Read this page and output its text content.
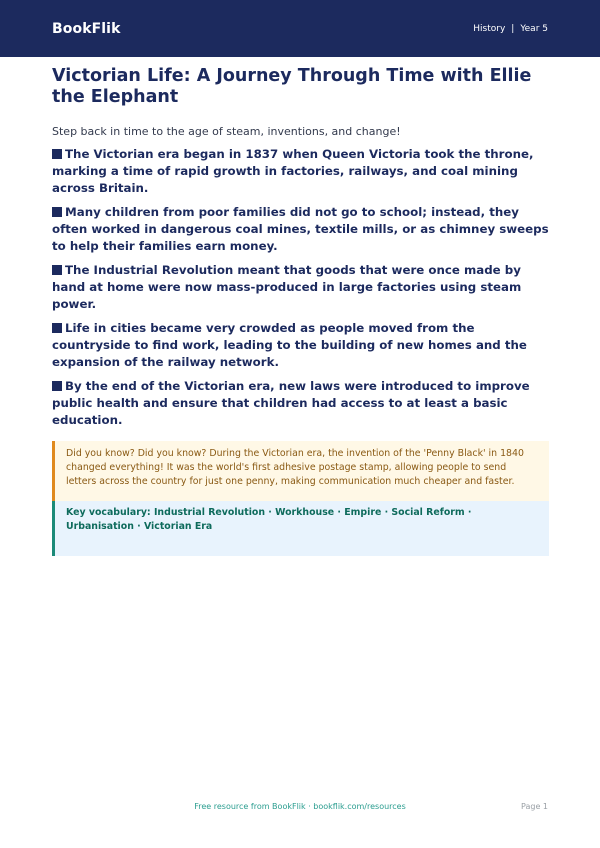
BookFlik	History | Year 5
Victorian Life: A Journey Through Time with Ellie the Elephant

Step back in time to the age of steam, inventions, and change!

The Victorian era began in 1837 when Queen Victoria took the throne, marking a time of rapid growth in factories, railways, and coal mining across Britain.
Many children from poor families did not go to school; instead, they often worked in dangerous coal mines, textile mills, or as chimney sweeps to help their families earn money.
The Industrial Revolution meant that goods that were once made by hand at home were now mass-produced in large factories using steam power.
Life in cities became very crowded as people moved from the countryside to find work, leading to the building of new homes and the expansion of the railway network.
By the end of the Victorian era, new laws were introduced to improve public health and ensure that children had access to at least a basic education.
Did you know? Did you know? During the Victorian era, the invention of the 'Penny Black' in 1840 changed everything! It was the world's first adhesive postage stamp, allowing people to send letters across the country for just one penny, making communication much cheaper and faster.
Key vocabulary: Industrial Revolution · Workhouse · Empire · Social Reform · Urbanisation · Victorian Era
Free resource from BookFlik · bookflik.com/resources	Page 1
